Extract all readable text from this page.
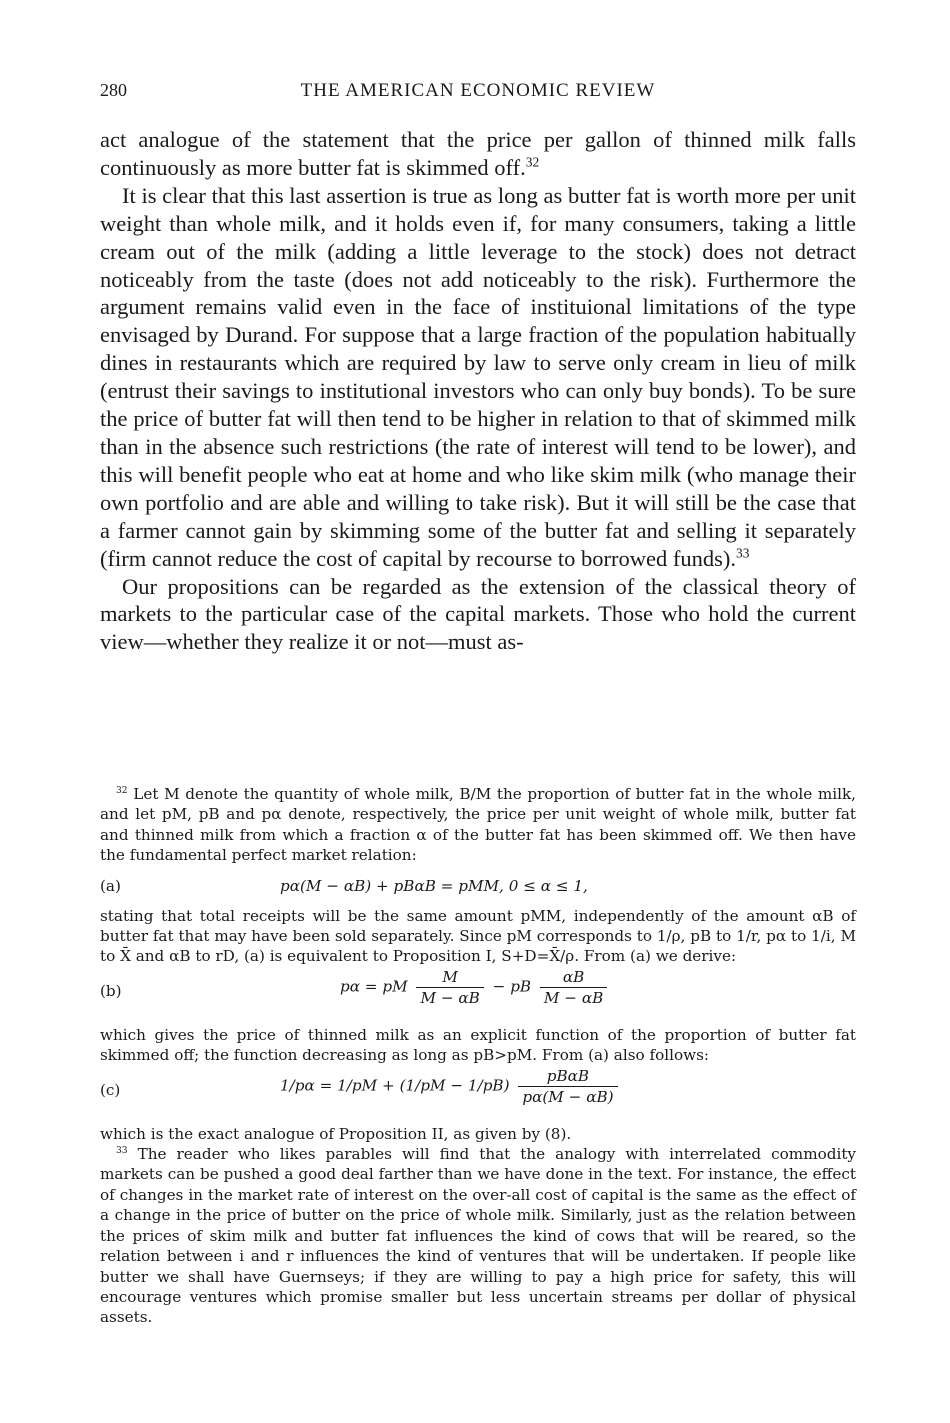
280	THE AMERICAN ECONOMIC REVIEW

act analogue of the statement that the price per gallon of thinned milk falls continuously as more butter fat is skimmed off.$^{32}$

It is clear that this last assertion is true as long as butter fat is worth more per unit weight than whole milk, and it holds even if, for many consumers, taking a little cream out of the milk (adding a little leverage to the stock) does not detract noticeably from the taste (does not add noticeably to the risk). Furthermore the argument remains valid even in the face of instituional limitations of the type envisaged by Durand. For suppose that a large fraction of the population habitually dines in restaurants which are required by law to serve only cream in lieu of milk (entrust their savings to institutional investors who can only buy bonds). To be sure the price of butter fat will then tend to be higher in relation to that of skimmed milk than in the absence such restrictions (the rate of interest will tend to be lower), and this will benefit people who eat at home and who like skim milk (who manage their own portfolio and are able and willing to take risk). But it will still be the case that a farmer cannot gain by skimming some of the butter fat and selling it separately (firm cannot reduce the cost of capital by recourse to borrowed funds).$^{33}$

Our propositions can be regarded as the extension of the classical theory of markets to the particular case of the capital markets. Those who hold the current view—whether they realize it or not—must as-

$^{32}$ Let M denote the quantity of whole milk, B/M the proportion of butter fat in the whole milk, and let pM, pB and pα denote, respectively, the price per unit weight of whole milk, butter fat and thinned milk from which a fraction α of the butter fat has been skimmed off. We then have the fundamental perfect market relation:

(a)	pα(M − αB) + pBαB = pMM, 0 ≤ α ≤ 1,

stating that total receipts will be the same amount pMM, independently of the amount αB of butter fat that may have been sold separately. Since pM corresponds to 1/ρ, pB to 1/r, pα to 1/i, M to X̄ and αB to rD, (a) is equivalent to Proposition I, S+D=X̄/ρ. From (a) we derive:

(b)	pα = pM $\frac{M}{M - \alpha B}$ − pB $\frac{\alpha B}{M - \alpha B}$

which gives the price of thinned milk as an explicit function of the proportion of butter fat skimmed off; the function decreasing as long as pB>pM. From (a) also follows:

(c)	$1/p\alpha = 1/pM + (1/pM - 1/pB) \frac{\text{pBαB}}{p\alpha(M - \alpha B)}$

which is the exact analogue of Proposition II, as given by (8).

$^{33}$ The reader who likes parables will find that the analogy with interrelated commodity markets can be pushed a good deal farther than we have done in the text. For instance, the effect of changes in the market rate of interest on the over-all cost of capital is the same as the effect of a change in the price of butter on the price of whole milk. Similarly, just as the relation between the prices of skim milk and butter fat influences the kind of cows that will be reared, so the relation between i and r influences the kind of ventures that will be undertaken. If people like butter we shall have Guernseys; if they are willing to pay a high price for safety, this will encourage ventures which promise smaller but less uncertain streams per dollar of physical assets.
